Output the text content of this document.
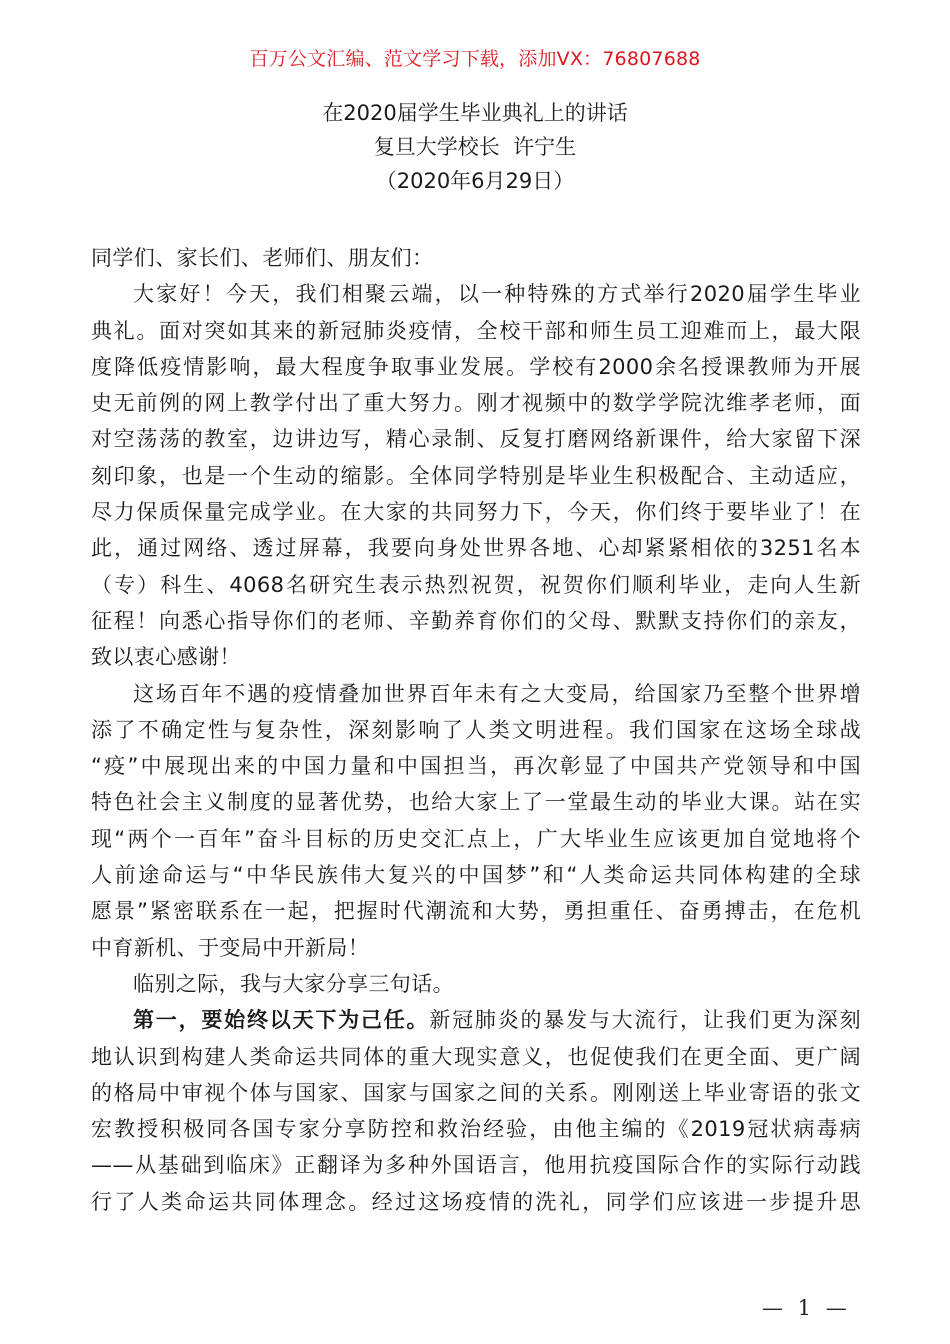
百万公文汇编、范文学习下载，添加VX：76807688
在2020届学生毕业典礼上的讲话
复旦大学校长  许宁生
（2020年6月29日）
同学们、家长们、老师们、朋友们：
大家好！今天，我们相聚云端，以一种特殊的方式举行2020届学生毕业
典礼。面对突如其来的新冠肺炎疫情，全校干部和师生员工迎难而上，最大限
度降低疫情影响，最大程度争取事业发展。学校有2000余名授课教师为开展
史无前例的网上教学付出了重大努力。刚才视频中的数学学院沈维孝老师，面
对空荡荡的教室，边讲边写，精心录制、反复打磨网络新课件，给大家留下深
刻印象，也是一个生动的缩影。全体同学特别是毕业生积极配合、主动适应，
尽力保质保量完成学业。在大家的共同努力下，今天，你们终于要毕业了！在
此，通过网络、透过屏幕，我要向身处世界各地、心却紧紧相依的3251名本
（专）科生、4068名研究生表示热烈祝贺，祝贺你们顺利毕业，走向人生新
征程！向悉心指导你们的老师、辛勤养育你们的父母、默默支持你们的亲友，
致以衷心感谢！
这场百年不遇的疫情叠加世界百年未有之大变局，给国家乃至整个世界增
添了不确定性与复杂性，深刻影响了人类文明进程。我们国家在这场全球战
“疫”中展现出来的中国力量和中国担当，再次彰显了中国共产党领导和中国
特色社会主义制度的显著优势，也给大家上了一堂最生动的毕业大课。站在实
现“两个一百年”奋斗目标的历史交汇点上，广大毕业生应该更加自觉地将个
人前途命运与“中华民族伟大复兴的中国梦”和“人类命运共同体构建的全球
愿景”紧密联系在一起，把握时代潮流和大势，勇担重任、奋勇搏击，在危机
中育新机、于变局中开新局！
临别之际，我与大家分享三句话。
第一，要始终以天下为己任。新冠肺炎的暴发与大流行，让我们更为深刻
地认识到构建人类命运共同体的重大现实意义，也促使我们在更全面、更广阔
的格局中审视个体与国家、国家与国家之间的关系。刚刚送上毕业寄语的张文
宏教授积极同各国专家分享防控和救治经验，由他主编的《2019冠状病毒病
——从基础到临床》正翻译为多种外国语言，他用抗疫国际合作的实际行动践
行了人类命运共同体理念。经过这场疫情的洗礼，同学们应该进一步提升思
— 1 —
